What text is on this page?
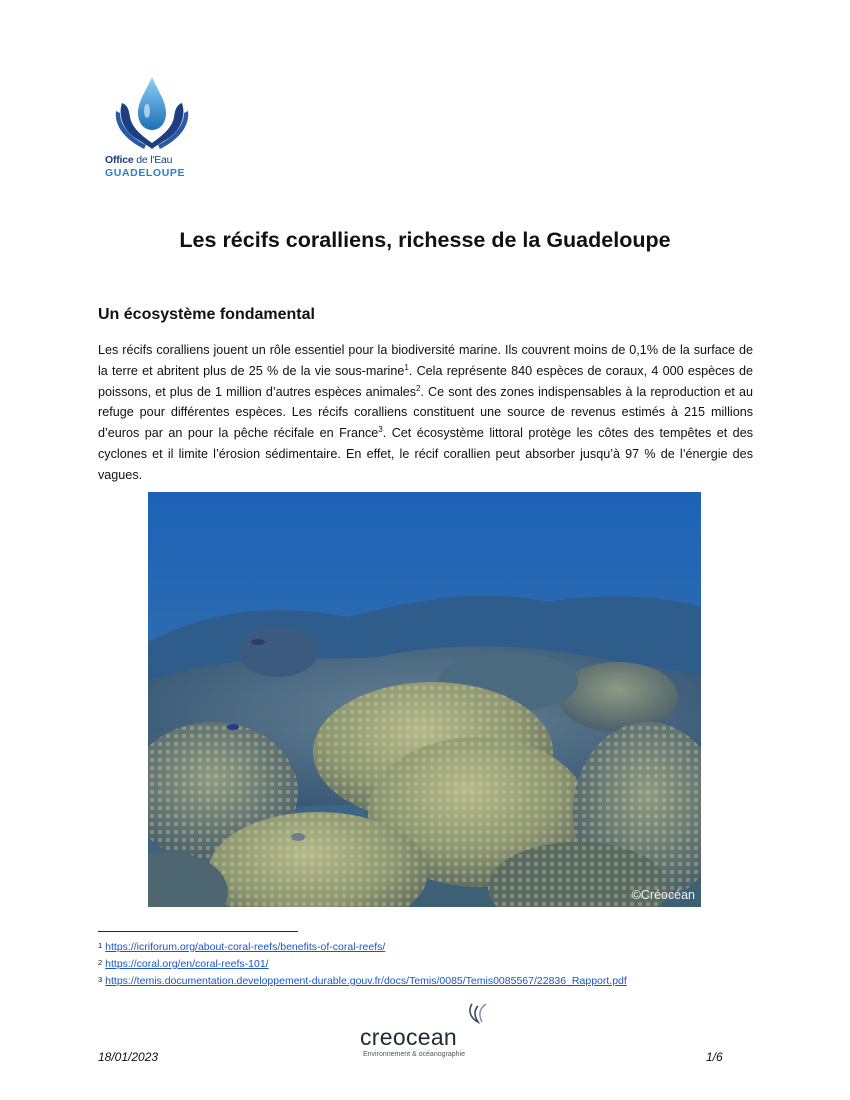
Office de l'Eau
GUADELOUPE
Les récifs coralliens, richesse de la Guadeloupe
Un écosystème fondamental

Les récifs coralliens jouent un rôle essentiel pour la biodiversité marine. Ils couvrent moins de 0,1% de la surface de la terre et abritent plus de 25 % de la vie sous-marine$^1$. Cela représente 840 espèces de coraux, 4 000 espèces de poissons, et plus de 1 million d’autres espèces animales$^2$. Ce sont des zones indispensables à la reproduction et au refuge pour différentes espèces. Les récifs coralliens constituent une source de revenus estimés à 215 millions d’euros par an pour la pêche récifale en France$^3$. Cet écosystème littoral protège les côtes des tempêtes et des cyclones et il limite l’érosion sédimentaire. En effet, le récif corallien peut absorber jusqu’à 97 % de l’énergie des vagues.

©Créocéan
1 https://icriforum.org/about-coral-reefs/benefits-of-coral-reefs/
2 https://coral.org/en/coral-reefs-101/
3 https://temis.documentation.developpement-durable.gouv.fr/docs/Temis/0085/Temis0085567/22836_Rapport.pdf
creocean
Environnement & océanographie
18/01/2023	1/6
